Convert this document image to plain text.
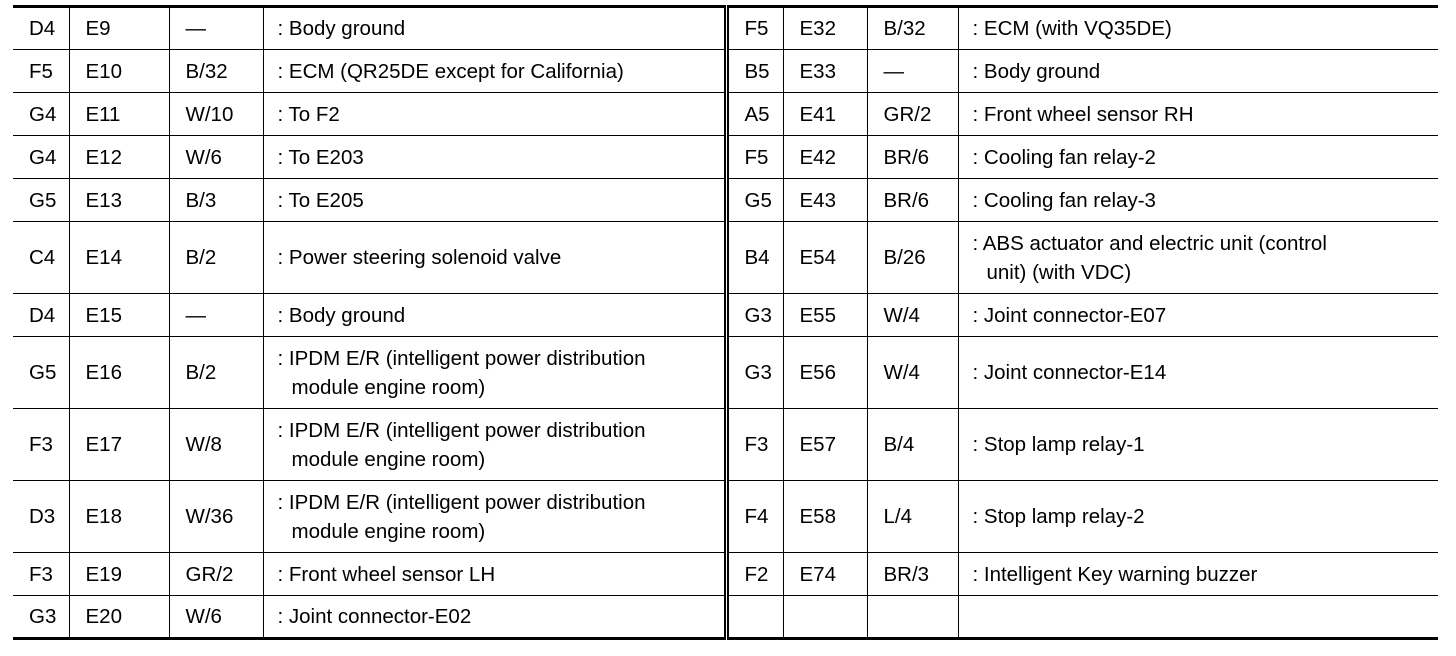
D4	E9	—	: Body ground	F5	E32	B/32	: ECM (with VQ35DE)

F5	E10	B/32	: ECM (QR25DE except for California)	B5	E33	—	: Body ground

G4	E11	W/10	: To F2	A5	E41	GR/2	: Front wheel sensor RH

G4	E12	W/6	: To E203	F5	E42	BR/6	: Cooling fan relay-2

G5	E13	B/3	: To E205	G5	E43	BR/6	: Cooling fan relay-3

C4	E14	B/2	: Power steering solenoid valve	B4	E54	B/26	: ABS actuator and electric unit (control
unit) (with VDC)

D4	E15	—	: Body ground	G3	E55	W/4	: Joint connector-E07

G5	E16	B/2	: IPDM E/R (intelligent power distribution
module engine room)	G3	E56	W/4	: Joint connector-E14

F3	E17	W/8	: IPDM E/R (intelligent power distribution
module engine room)	F3	E57	B/4	: Stop lamp relay-1

D3	E18	W/36	: IPDM E/R (intelligent power distribution
module engine room)	F4	E58	L/4	: Stop lamp relay-2

F3	E19	GR/2	: Front wheel sensor LH	F2	E74	BR/3	: Intelligent Key warning buzzer

G3	E20	W/6	: Joint connector-E02				
